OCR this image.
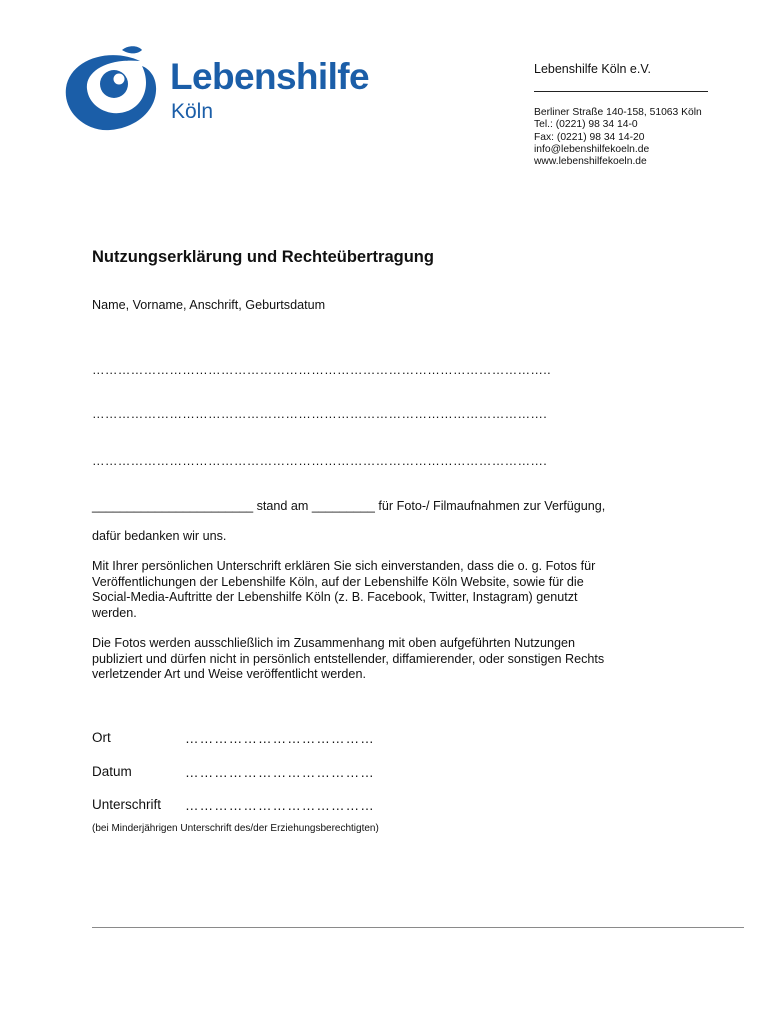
Lebenshilfe
Köln
Lebenshilfe Köln e.V.
Berliner Straße 140-158, 51063 Köln
Tel.: (0221) 98 34 14-0
Fax: (0221) 98 34 14-20
info@lebenshilfekoeln.de
www.lebenshilfekoeln.de
Nutzungserklärung und Rechteübertragung
Name, Vorname, Anschrift, Geburtsdatum
……………………………………………………………………………………………..
…………………………………………………………………………………………….
…………………………………………………………………………………………….
_______________________ stand am _________ für Foto-/ Filmaufnahmen zur Verfügung,
dafür bedanken wir uns.
Mit Ihrer persönlichen Unterschrift erklären Sie sich einverstanden, dass die o. g. Fotos für
Veröffentlichungen der Lebenshilfe Köln, auf der Lebenshilfe Köln Website, sowie für die
Social-Media-Auftritte der Lebenshilfe Köln (z. B. Facebook, Twitter, Instagram) genutzt
werden.
Die Fotos werden ausschließlich im Zusammenhang mit oben aufgeführten Nutzungen
publiziert und dürfen nicht in persönlich entstellender, diffamierender, oder sonstigen Rechts
verletzender Art und Weise veröffentlicht werden.
Ort	…………………………………
Datum	…………………………………
Unterschrift …………………………………
(bei Minderjährigen Unterschrift des/der Erziehungsberechtigten)
